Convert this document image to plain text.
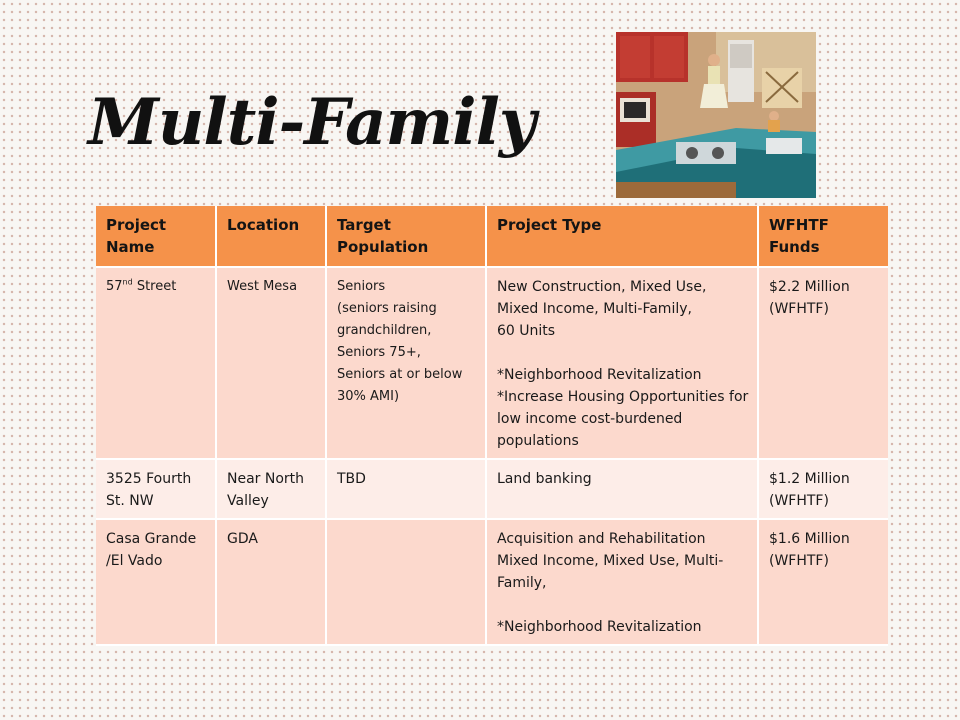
Multi-Family
Project Name	Location	Target Population	Project Type	WFHTF Funds
57nd Street	West Mesa	Seniors
(seniors raising grandchildren,
Seniors 75+,
Seniors at or below 30% AMI)	New Construction, Mixed Use, Mixed Income, Multi-Family,
60 Units

*Neighborhood Revitalization
*Increase Housing Opportunities for low income cost-burdened populations	$2.2 Million (WFHTF)
3525 Fourth St. NW	Near North Valley	TBD	Land banking	$1.2 Million (WFHTF)
Casa Grande /El Vado	GDA		Acquisition and Rehabilitation
Mixed Income, Mixed Use, Multi-Family,

*Neighborhood Revitalization	$1.6 Million (WFHTF)
